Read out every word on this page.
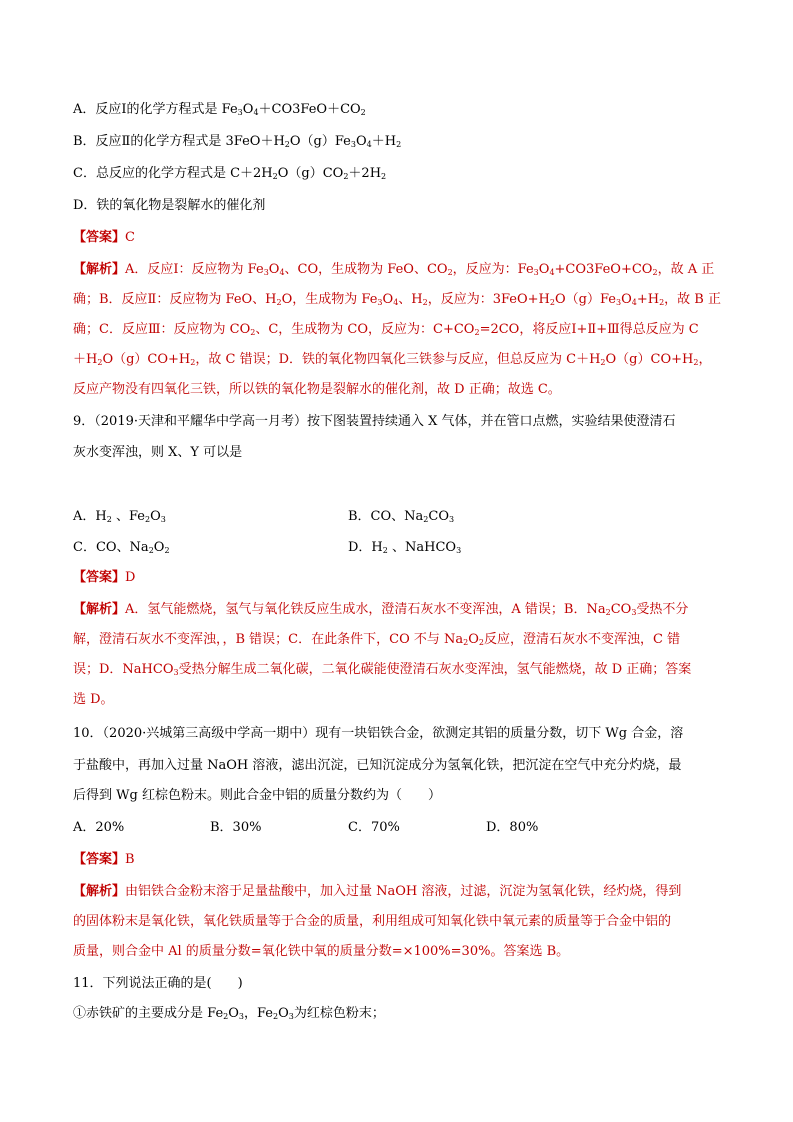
A．反应Ⅰ的化学方程式是 $Fe_3O_4+CO3FeO+CO_2$
B．反应Ⅱ的化学方程式是 $3FeO+H_2O(g)Fe_3O_4+H_2$
C．总反应的化学方程式是 $C+2H_2O(g)CO_2+2H_2$
D．铁的氧化物是裂解水的催化剂
【答案】C
【解析】A．反应Ⅰ：反应物为 $Fe_3O_4$、CO，生成物为 FeO、$CO_2$，反应为：$Fe_3O_4+CO3FeO+CO_2$，故 A 正
确；B．反应Ⅱ：反应物为 FeO、$H_2O$，生成物为 $Fe_3O_4$、$H_2$，反应为：$3FeO+H_2O(g)Fe_3O_4+H_2$，故 B 正
确；C．反应Ⅲ：反应物为 $CO_2$、C，生成物为 CO，反应为：$C+CO_2=2CO$，将反应Ⅰ+Ⅱ+Ⅲ得总反应为 C
$+H_2O(g)CO+H_2$，故 C 错误；D．铁的氧化物四氧化三铁参与反应，但总反应为 $C+H_2O(g)CO+H_2$，
反应产物没有四氧化三铁，所以铁的氧化物是裂解水的催化剂，故 D 正确；故选 C。
9．（2019·天津和平耀华中学高一月考）按下图装置持续通入 X 气体，并在管口点燃，实验结果使澄清石
灰水变浑浊，则 X、Y 可以是
A．$H_2$ 、$Fe_2O_3$	B．CO、$Na_2CO_3$
C．CO、$Na_2O_2$	D．$H_2$ 、NaHCO$_3$
【答案】D
【解析】A．氢气能燃烧，氢气与氧化铁反应生成水，澄清石灰水不变浑浊，A 错误；B．$Na_2CO_3$受热不分
解，澄清石灰水不变浑浊，，B 错误；C．在此条件下，CO 不与 $Na_2O_2$反应，澄清石灰水不变浑浊，C 错
误；D．NaHCO$_3$受热分解生成二氧化碳，二氧化碳能使澄清石灰水变浑浊，氢气能燃烧，故 D 正确；答案
选 D。
10．（2020·兴城第三高级中学高一期中）现有一块铝铁合金，欲测定其铝的质量分数，切下 Wg 合金，溶
于盐酸中，再加入过量 NaOH 溶液，滤出沉淀，已知沉淀成分为氢氧化铁，把沉淀在空气中充分灼烧，最
后得到 Wg 红棕色粉末。则此合金中铝的质量分数约为（　　）
A．20%	B．30%	C．70%	D．80%
【答案】B
【解析】由铝铁合金粉末溶于足量盐酸中，加入过量 NaOH 溶液，过滤，沉淀为氢氧化铁，经灼烧，得到
的固体粉末是氧化铁，氧化铁质量等于合金的质量，利用组成可知氧化铁中氧元素的质量等于合金中铝的
质量，则合金中 Al 的质量分数=氧化铁中氧的质量分数=×100%=30%。答案选 B。
11．下列说法正确的是(　　)
①赤铁矿的主要成分是 $Fe_2O_3$，$Fe_2O_3$为红棕色粉末；
